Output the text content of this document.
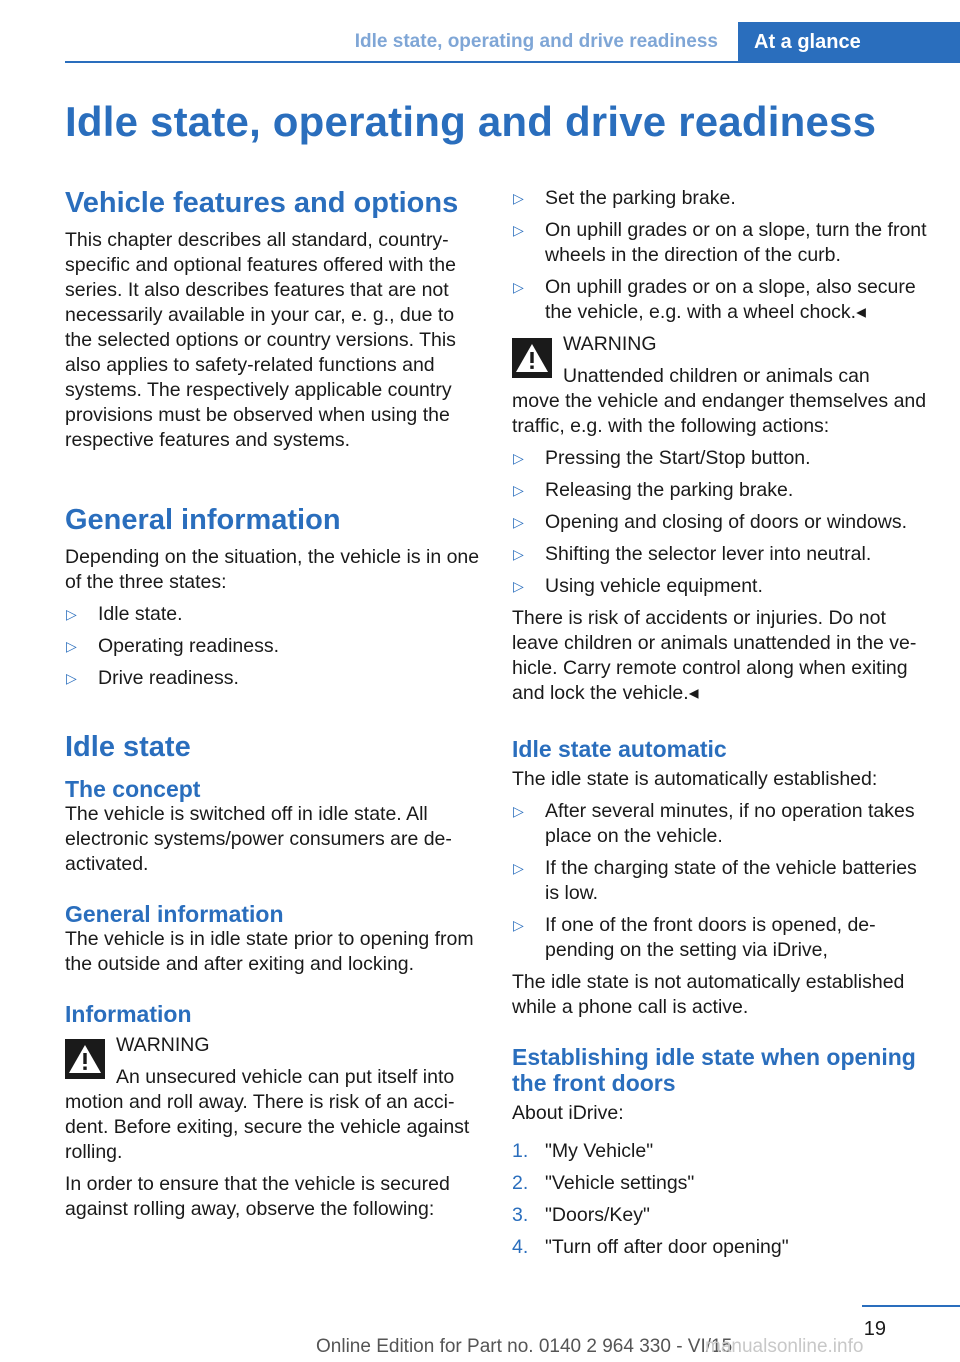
Idle state, operating and drive readiness	At a glance
Idle state, operating and drive readiness
Vehicle features and options

This chapter describes all standard, country-specific and optional features offered with the series. It also describes features that are not necessarily available in your car, e. g., due to the selected options or country versions. This also applies to safety-related functions and systems. The respectively applicable country provisions must be observed when using the respective features and systems.

General information

Depending on the situation, the vehicle is in one of the three states:

▷
Idle state.
▷
Operating readiness.
▷
Drive readiness.
Idle state
The concept

The vehicle is switched off in idle state. All electronic systems/power consumers are de-activated.

General information

The vehicle is in idle state prior to opening from the outside and after exiting and locking.

Information
WARNING
An unsecured vehicle can put itself into

motion and roll away. There is risk of an acci-dent. Before exiting, secure the vehicle against rolling.

In order to ensure that the vehicle is secured against rolling away, observe the following:

▷
Set the parking brake.
▷
On uphill grades or on a slope, turn the front wheels in the direction of the curb.
▷
On uphill grades or on a slope, also secure the vehicle, e.g. with a wheel chock.◂
WARNING
Unattended children or animals can

move the vehicle and endanger themselves and traffic, e.g. with the following actions:

▷
Pressing the Start/Stop button.
▷
Releasing the parking brake.
▷
Opening and closing of doors or windows.
▷
Shifting the selector lever into neutral.
▷
Using vehicle equipment.

There is risk of accidents or injuries. Do not leave children or animals unattended in the ve-hicle. Carry remote control along when exiting and lock the vehicle.◂

Idle state automatic

The idle state is automatically established:

▷
After several minutes, if no operation takes place on the vehicle.
▷
If the charging state of the vehicle batteries is low.
▷
If one of the front doors is opened, de-pending on the setting via iDrive,

The idle state is not automatically established while a phone call is active.

Establishing idle state when opening the front doors

About iDrive:

1. "My Vehicle"
2. "Vehicle settings"
3. "Doors/Key"
4. "Turn off after door opening"
19
Online Edition for Part no. 0140 2 964 330 - VI/15
manualsonline.info
